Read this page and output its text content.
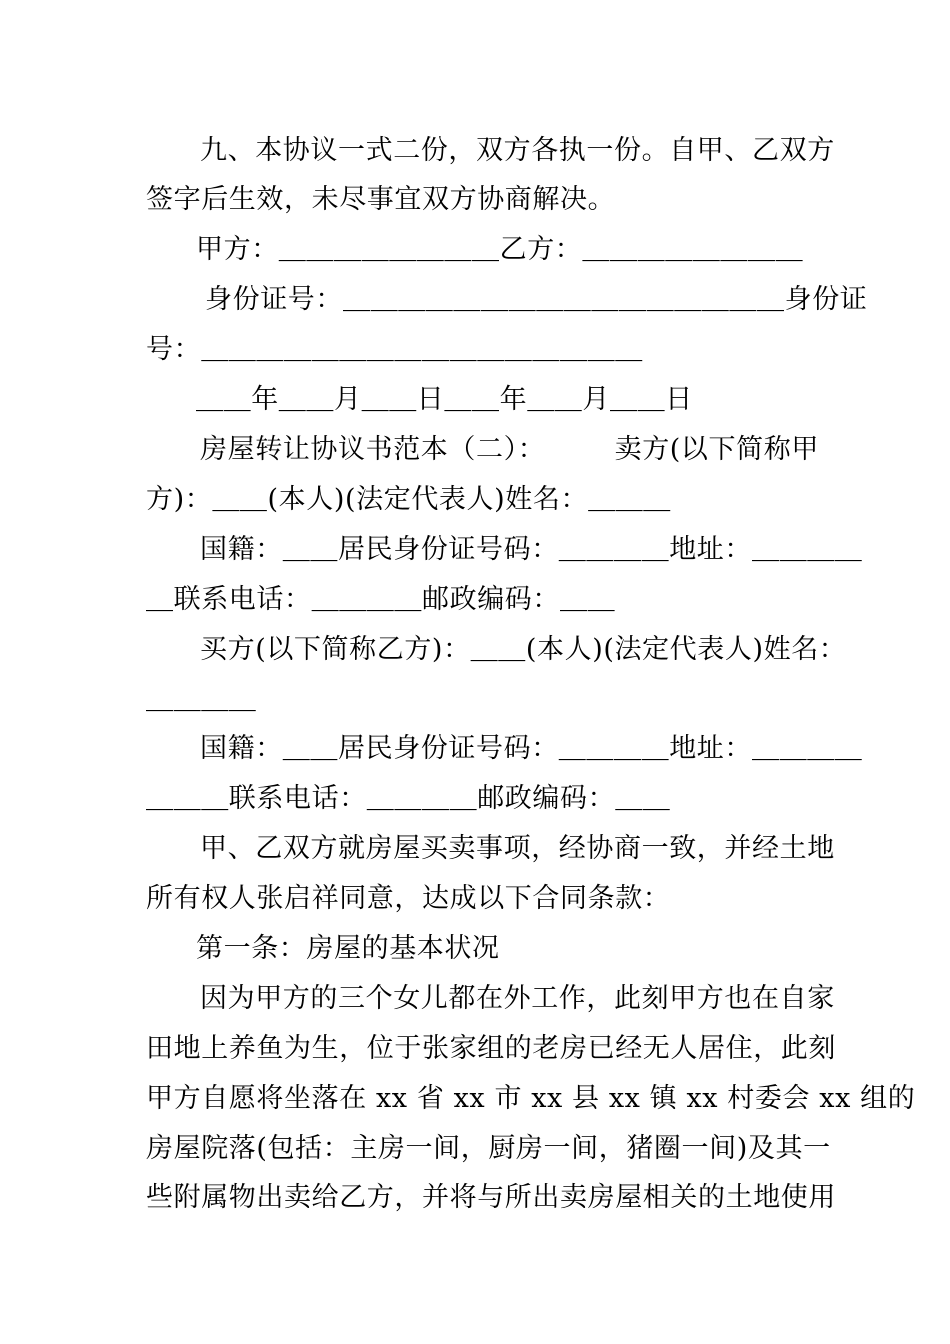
九、本协议一式二份，双方各执一份。自甲、乙双方
签字后生效，未尽事宜双方协商解决。
甲方：＿＿＿＿＿＿＿＿乙方：＿＿＿＿＿＿＿＿
身份证号：＿＿＿＿＿＿＿＿＿＿＿＿＿＿＿＿身份证
号：＿＿＿＿＿＿＿＿＿＿＿＿＿＿＿＿
＿＿年＿＿月＿＿日＿＿年＿＿月＿＿日
房屋转让协议书范本（二）：　　　卖方(以下简称甲
方)：＿＿(本人)(法定代表人)姓名：＿＿＿
国籍：＿＿居民身份证号码：＿＿＿＿地址：＿＿＿＿
＿联系电话：＿＿＿＿邮政编码：＿＿
买方(以下简称乙方)：＿＿(本人)(法定代表人)姓名：
＿＿＿＿
国籍：＿＿居民身份证号码：＿＿＿＿地址：＿＿＿＿
＿＿＿联系电话：＿＿＿＿邮政编码：＿＿
甲、乙双方就房屋买卖事项，经协商一致，并经土地
所有权人张启祥同意，达成以下合同条款：
第一条：房屋的基本状况
因为甲方的三个女儿都在外工作，此刻甲方也在自家
田地上养鱼为生，位于张家组的老房已经无人居住，此刻
甲方自愿将坐落在 xx 省 xx 市 xx 县 xx 镇 xx 村委会 xx 组的
房屋院落(包括：主房一间，厨房一间，猪圈一间)及其一
些附属物出卖给乙方，并将与所出卖房屋相关的土地使用
